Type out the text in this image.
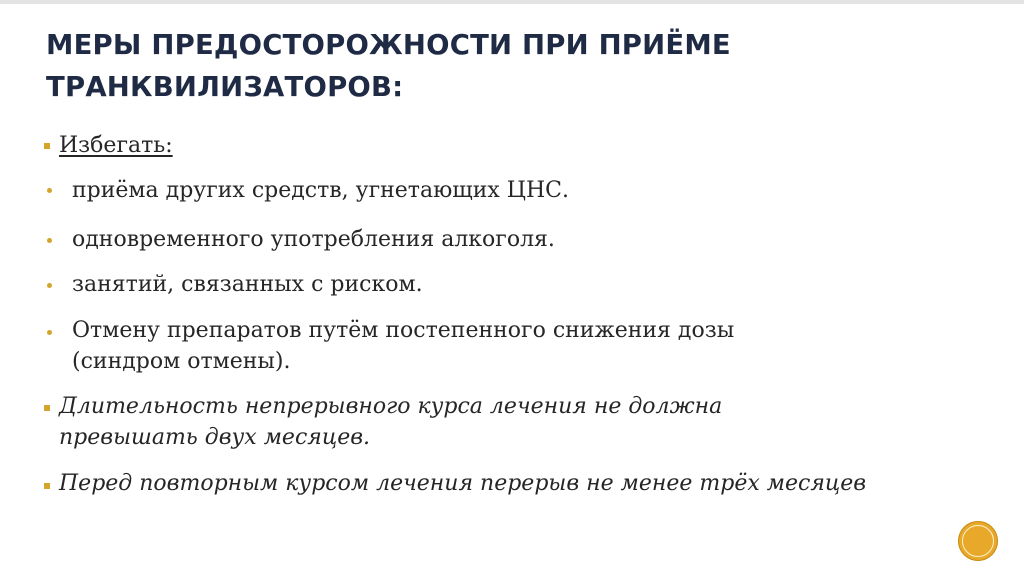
МЕРЫ ПРЕДОСТОРОЖНОСТИ ПРИ ПРИЁМЕ
ТРАНКВИЛИЗАТОРОВ:
Избегать:
приёма других средств, угнетающих ЦНС.
одновременного употребления алкоголя.
занятий, связанных с риском.
Отмену препаратов путём постепенного снижения дозы
(синдром отмены).
Длительность непрерывного курса лечения не должна
превышать двух месяцев.
Перед повторным курсом лечения перерыв не менее трёх месяцев
